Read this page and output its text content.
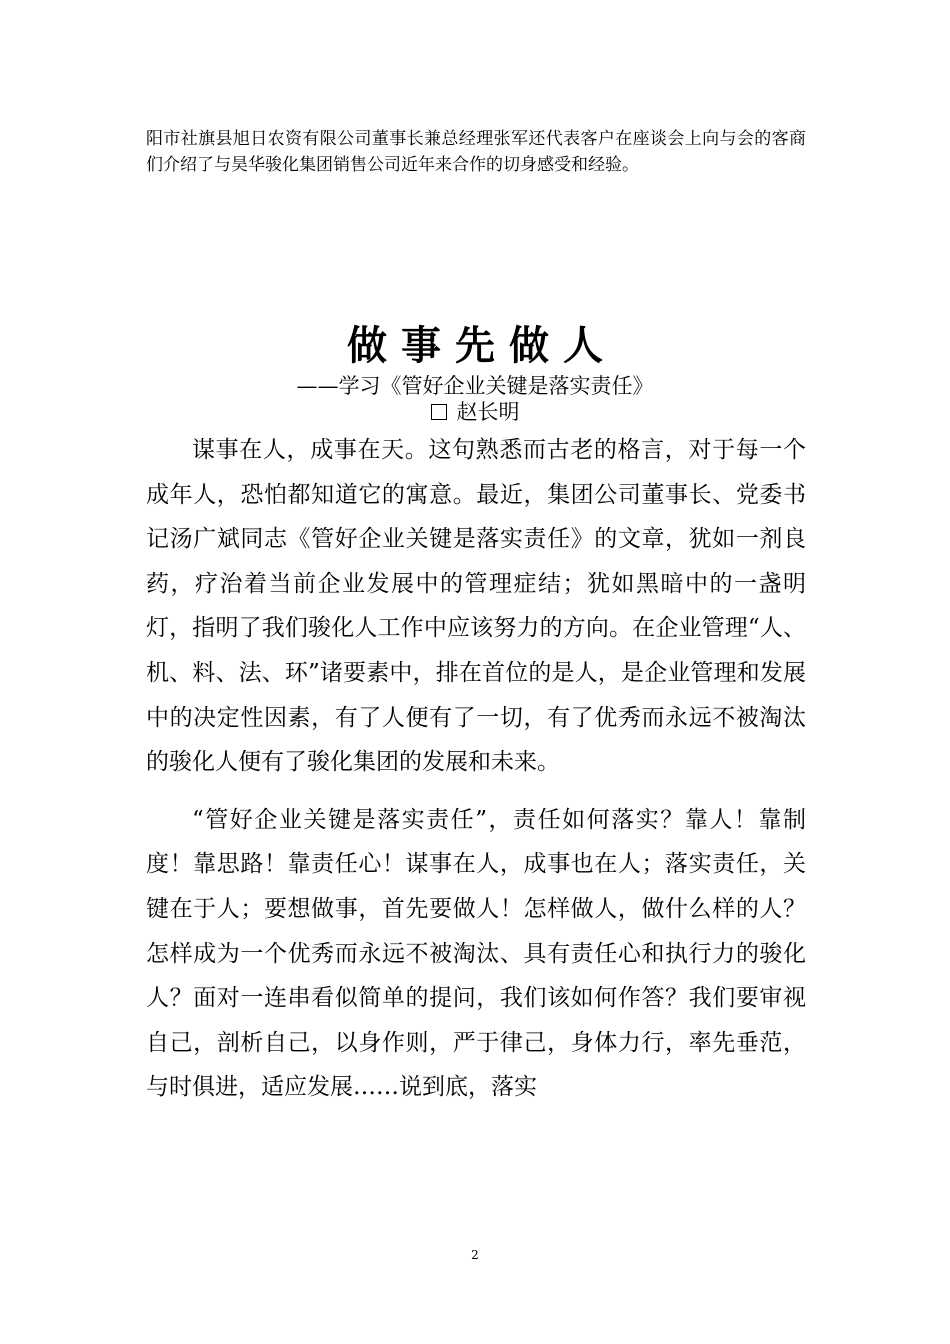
阳市社旗县旭日农资有限公司董事长兼总经理张军还代表客户在座谈会上向与会的客商们介绍了与昊华骏化集团销售公司近年来合作的切身感受和经验。
做事先做人
——学习《管好企业关键是落实责任》
赵长明

谋事在人，成事在天。这句熟悉而古老的格言，对于每一个成年人，恐怕都知道它的寓意。最近，集团公司董事长、党委书记汤广斌同志《管好企业关键是落实责任》的文章，犹如一剂良药，疗治着当前企业发展中的管理症结；犹如黑暗中的一盏明灯，指明了我们骏化人工作中应该努力的方向。在企业管理“人、机、料、法、环”诸要素中，排在首位的是人，是企业管理和发展中的决定性因素，有了人便有了一切，有了优秀而永远不被淘汰的骏化人便有了骏化集团的发展和未来。

“管好企业关键是落实责任”，责任如何落实？靠人！靠制度！靠思路！靠责任心！谋事在人，成事也在人；落实责任，关键在于人；要想做事，首先要做人！怎样做人，做什么样的人？怎样成为一个优秀而永远不被淘汰、具有责任心和执行力的骏化人？面对一连串看似简单的提问，我们该如何作答？我们要审视自己，剖析自己，以身作则，严于律己，身体力行，率先垂范，与时俱进，适应发展……说到底，落实

2
